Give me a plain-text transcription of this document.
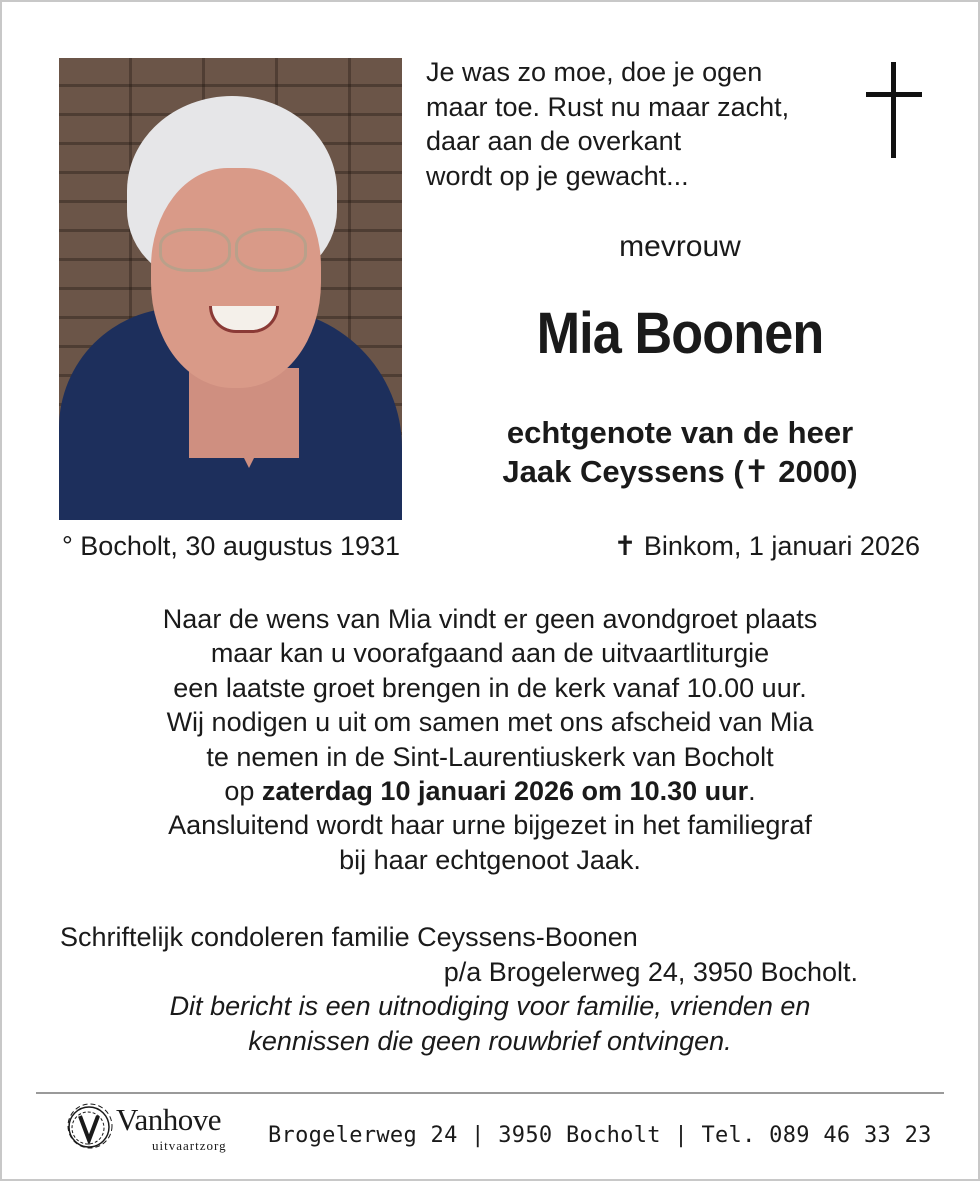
Je was zo moe, doe je ogen
maar toe. Rust nu maar zacht,
daar aan de overkant
wordt op je gewacht...
mevrouw
Mia Boonen
echtgenote van de heer
Jaak Ceyssens (✝ 2000)
° Bocholt, 30 augustus 1931	✝ Binkom, 1 januari 2026
Naar de wens van Mia vindt er geen avondgroet plaats
maar kan u voorafgaand aan de uitvaartliturgie
een laatste groet brengen in de kerk vanaf 10.00 uur.
Wij nodigen u uit om samen met ons afscheid van Mia
te nemen in de Sint-Laurentiuskerk van Bocholt
op zaterdag 10 januari 2026 om 10.30 uur.
Aansluitend wordt haar urne bijgezet in het familiegraf
bij haar echtgenoot Jaak.
Schriftelijk condoleren familie Ceyssens-Boonen
p/a Brogelerweg 24, 3950 Bocholt.
Dit bericht is een uitnodiging voor familie, vrienden en
kennissen die geen rouwbrief ontvingen.
Vanhove
uitvaartzorg Brogelerweg 24 | 3950 Bocholt | Tel. 089 46 33 23
